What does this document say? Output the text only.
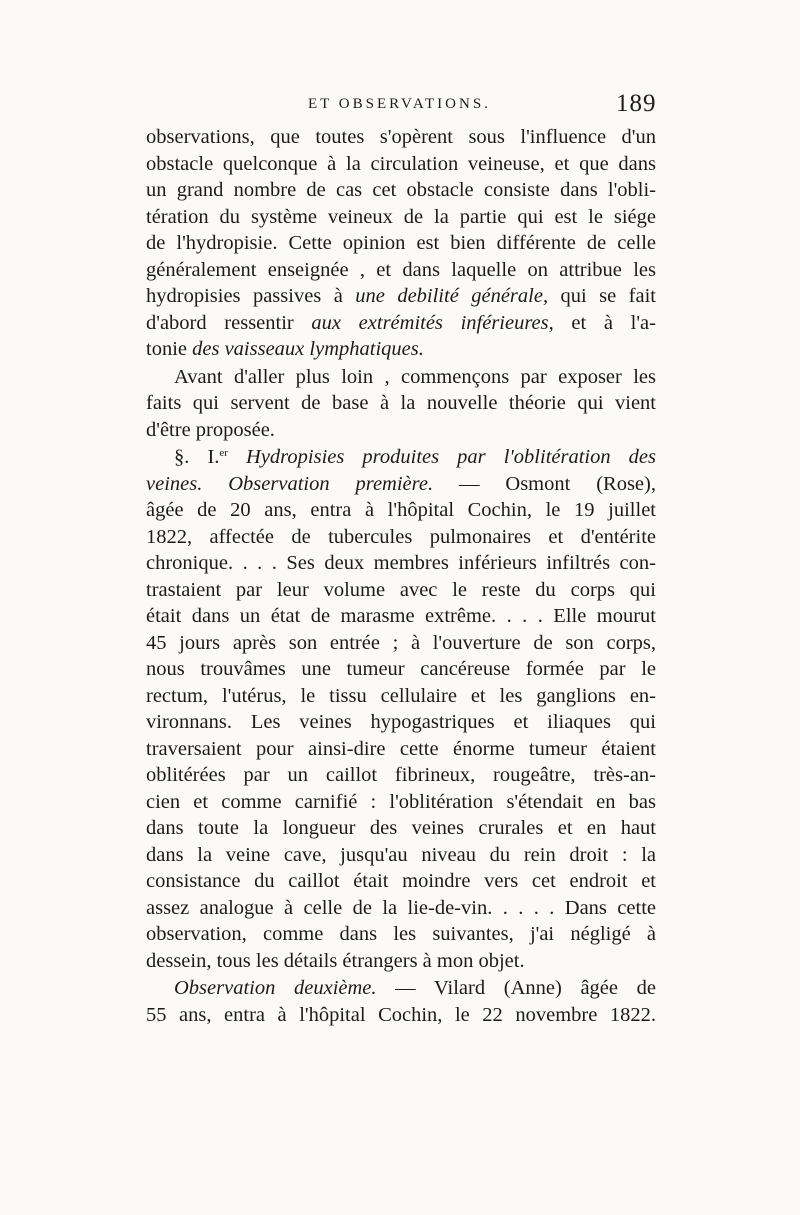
ET OBSERVATIONS.	189
observations, que toutes s'opèrent sous l'influence d'un
obstacle quelconque à la circulation veineuse, et que dans
un grand nombre de cas cet obstacle consiste dans l'obli-
tération du système veineux de la partie qui est le siége
de l'hydropisie. Cette opinion est bien différente de celle
généralement enseignée , et dans laquelle on attribue les
hydropisies passives à une debilité générale, qui se fait
d'abord ressentir aux extrémités inférieures, et à l'a-
tonie des vaisseaux lymphatiques.
Avant d'aller plus loin , commençons par exposer les
faits qui servent de base à la nouvelle théorie qui vient
d'être proposée.
§. I.$^{er}$ Hydropisies produites par l'oblitération des
veines. Observation première. — Osmont (Rose),
âgée de 20 ans, entra à l'hôpital Cochin, le 19 juillet
1822, affectée de tubercules pulmonaires et d'entérite
chronique. . . . Ses deux membres inférieurs infiltrés con-
trastaient par leur volume avec le reste du corps qui
était dans un état de marasme extrême. . . . Elle mourut
45 jours après son entrée ; à l'ouverture de son corps,
nous trouvâmes une tumeur cancéreuse formée par le
rectum, l'utérus, le tissu cellulaire et les ganglions en-
vironnans. Les veines hypogastriques et iliaques qui
traversaient pour ainsi-dire cette énorme tumeur étaient
oblitérées par un caillot fibrineux, rougeâtre, très-an-
cien et comme carnifié : l'oblitération s'étendait en bas
dans toute la longueur des veines crurales et en haut
dans la veine cave, jusqu'au niveau du rein droit : la
consistance du caillot était moindre vers cet endroit et
assez analogue à celle de la lie-de-vin. . . . . Dans cette
observation, comme dans les suivantes, j'ai négligé à
dessein, tous les détails étrangers à mon objet.
Observation deuxième. — Vilard (Anne) âgée de
55 ans, entra à l'hôpital Cochin, le 22 novembre 1822.
